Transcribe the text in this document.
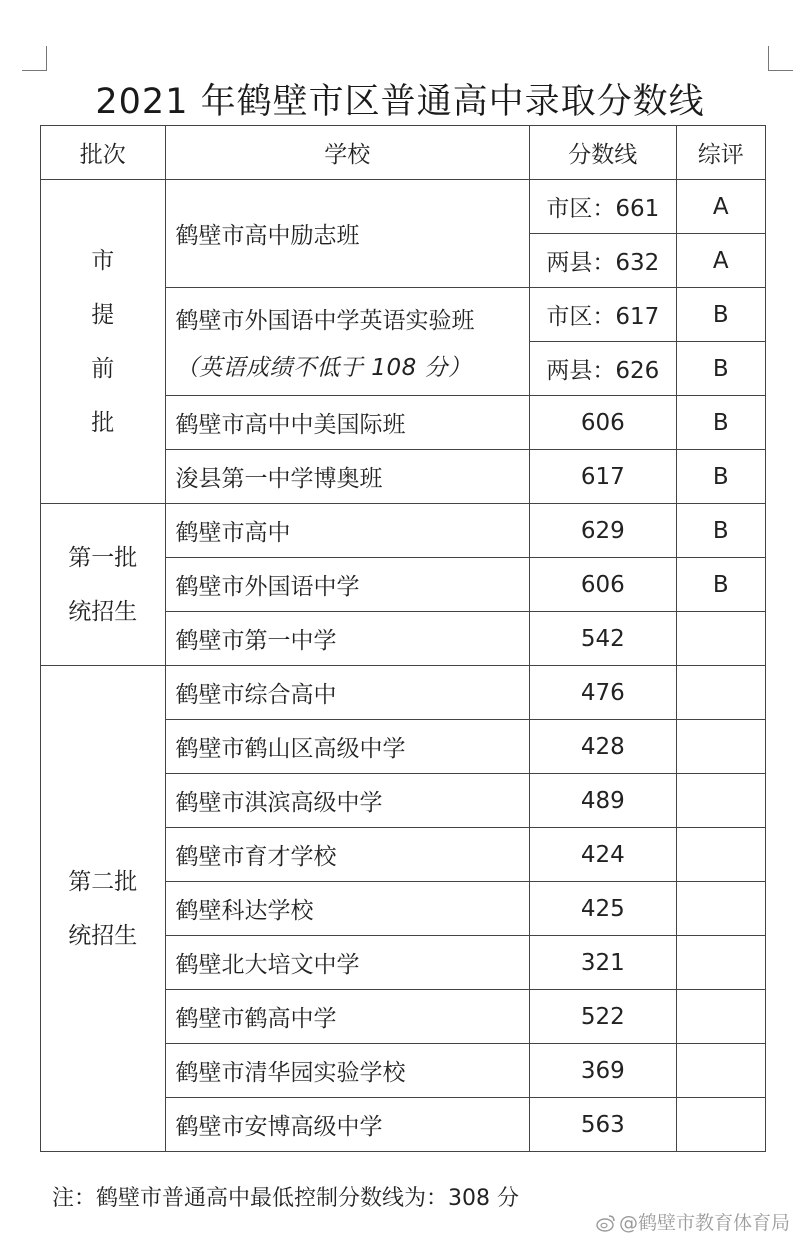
2021 年鹤壁市区普通高中录取分数线
批次	学校	分数线	综评

市
提
前
批	鹤壁市高中励志班	市区：661	A
		两县：632	A

	鹤壁市外国语中学英语实验班
（英语成绩不低于 108 分）	市区：617	B
		两县：626	B
	鹤壁市高中中美国际班	606	B
	浚县第一中学博奥班	617	B

第一批
统招生	鹤壁市高中	629	B
	鹤壁市外国语中学	606	B
	鹤壁市第一中学	542	

第二批
统招生	鹤壁市综合高中	476	
	鹤壁市鹤山区高级中学	428	
	鹤壁市淇滨高级中学	489	
	鹤壁市育才学校	424	
	鹤壁科达学校	425	
	鹤壁北大培文中学	321	
	鹤壁市鹤高中学	522	
	鹤壁市清华园实验学校	369	
	鹤壁市安博高级中学	563	
注：鹤壁市普通高中最低控制分数线为：308 分
@鹤壁市教育体育局
